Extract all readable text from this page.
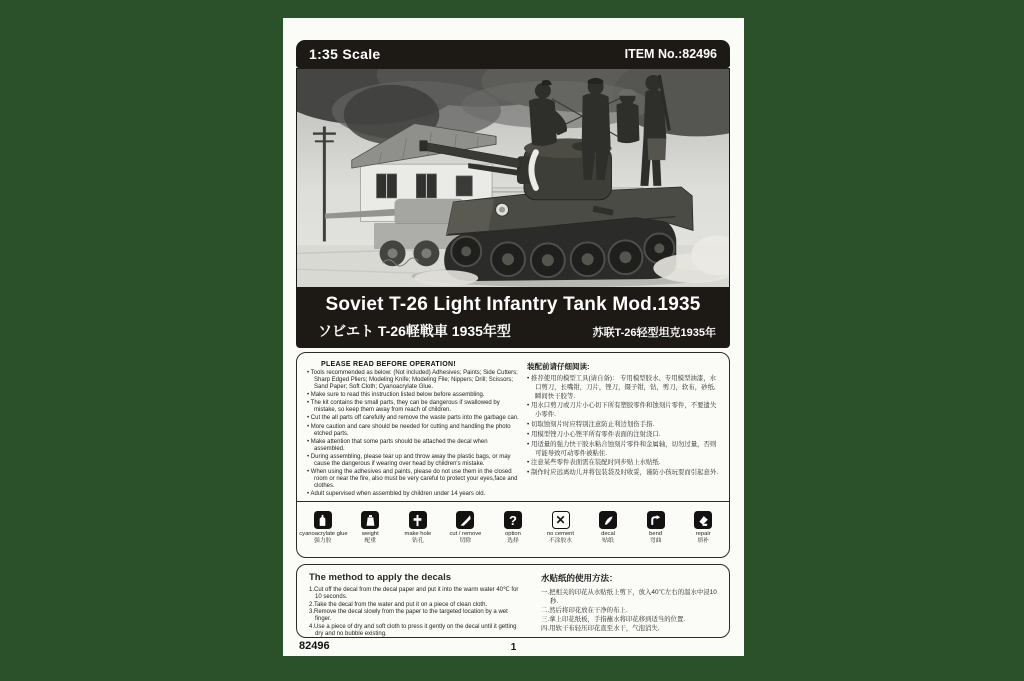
1:35 Scale	ITEM No.:82496
Soviet T-26 Light Infantry Tank Mod.1935
ソビエト T-26軽戦車 1935年型	苏联T-26轻型坦克1935年
PLEASE READ BEFORE OPERATION!
• Tools recommended as below: (Not included) Adhesives; Paints; Side Cutters; Sharp Edged Pliers; Modeling Knife; Modeling File; Nippers; Drill; Scissors; Sand Paper; Soft Cloth; Cyanoacrylate Glue.
• Make sure to read this instruction listed below before assembling.
• The kit contains the small parts, they can be dangerous if swallowed by mistake, so keep them away from reach of children.
• Cut the all parts off carefully and remove the waste parts into the garbage can.
• More caution and care should be needed for cutting and handling the photo etched parts.
• Make attention that some parts should be attached the decal when assembled.
• During assembling, please tear up and throw away the plastic bags, or may cause the dangerous if wearing over head by children's mistake.
• When using the adhesives and paints, please do not use them in the closed room or near the fire, also must be very careful to protect your eyes,face and clothes.
• Adult supervised when assembled by children under 14 years old.
装配前请仔细阅读:
• 推荐使用的模型工具(请自备)： 专用模型胶水、专用模型油漆，水口剪刀，长嘴钳，刀片，锉刀，镊子钳，钻，剪刀，软布，砂纸,瞬间快干胶等.
• 用水口剪刀或刀片小心切下所有塑胶零件和蚀刻片零件，不要遗失小零件.
• 切取蚀刻片时应特别注意防止利边划伤手指.
• 用模型锉刀小心锉平所有零件表面的注射浇口.
• 用适量的强力快干胶水粘合蚀刻片零件和金属轴，切勿过量，否则可能导致可动零件被粘住.
• 注意某些零件表面需在装配时同步贴上水贴纸.
• 制作时应远离幼儿并将包装袋及时收妥，谨防小孩玩耍而引起意外.
cyanoacrylate glue
强力胶
weight
配重
make hole
钻孔
cut / remove
切除
?
option
选择
✕
no cement
不涂胶水
decal
贴纸
bend
弯曲
repair
填补
The method to apply the decals
1.Cut off the decal from the decal paper and put it into the warm water 40℃ for 10 seconds.
2.Take the decal from the water and put it on a piece of clean cloth.
3.Remove the decal slowly from the paper to the targeted location by a wet finger.
4.Use a piece of dry and soft cloth to press it gently on the decal until it getting dry and no bubble existing.
水贴纸的使用方法：
一.把相关的印花从水贴纸上剪下，放入40℃左右的温水中浸10秒.
二.然后将印花放在干净的布上.
三.拿上印花纸板，手指蘸水将印花移到适当的位置.
四.用软干布轻压印花直至水干，气泡消失.
82496	1
